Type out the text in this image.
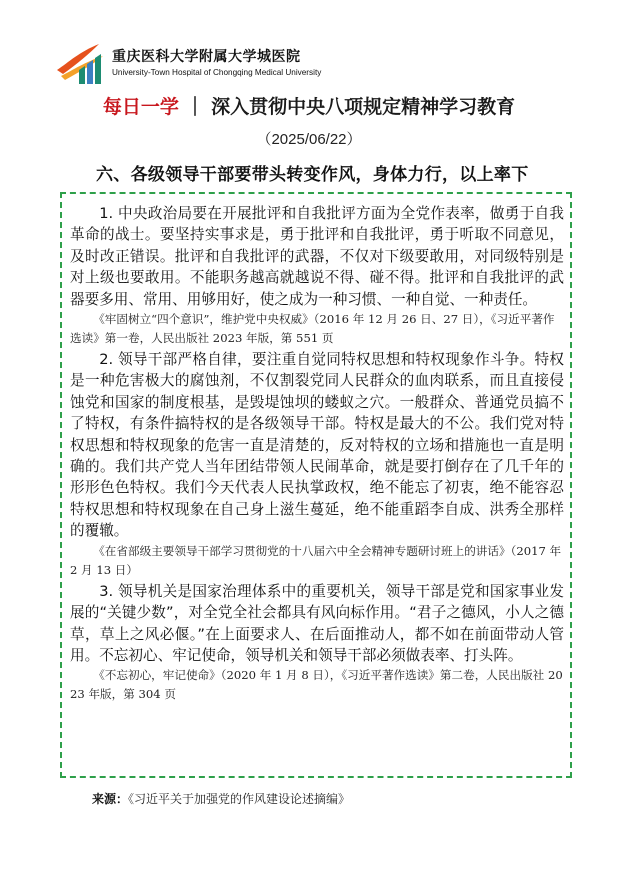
重庆医科大学附属大学城医院
University-Town Hospital of Chongqing Medical University
每日一学 ｜ 深入贯彻中央八项规定精神学习教育
（2025/06/22）
六、各级领导干部要带头转变作风，身体力行，以上率下

1. 中央政治局要在开展批评和自我批评方面为全党作表率，做勇于自我革命的战士。要坚持实事求是，勇于批评和自我批评，勇于听取不同意见，及时改正错误。批评和自我批评的武器，不仅对下级要敢用，对同级特别是对上级也要敢用。不能职务越高就越说不得、碰不得。批评和自我批评的武器要多用、常用、用够用好，使之成为一种习惯、一种自觉、一种责任。

《牢固树立“四个意识”，维护党中央权威》（2016 年 12 月 26 日、27 日），《习近平著作选读》第一卷，人民出版社 2023 年版，第 551 页

2. 领导干部严格自律，要注重自觉同特权思想和特权现象作斗争。特权是一种危害极大的腐蚀剂，不仅割裂党同人民群众的血肉联系，而且直接侵蚀党和国家的制度根基，是毁堤蚀坝的蝼蚁之穴。一般群众、普通党员搞不了特权，有条件搞特权的是各级领导干部。特权是最大的不公。我们党对特权思想和特权现象的危害一直是清楚的，反对特权的立场和措施也一直是明确的。我们共产党人当年团结带领人民闹革命，就是要打倒存在了几千年的形形色色特权。我们今天代表人民执掌政权，绝不能忘了初衷，绝不能容忍特权思想和特权现象在自己身上滋生蔓延，绝不能重蹈李自成、洪秀全那样的覆辙。

《在省部级主要领导干部学习贯彻党的十八届六中全会精神专题研讨班上的讲话》（2017 年 2 月 13 日）

3. 领导机关是国家治理体系中的重要机关，领导干部是党和国家事业发展的“关键少数”，对全党全社会都具有风向标作用。“君子之德风，小人之德草，草上之风必偃。”在上面要求人、在后面推动人，都不如在前面带动人管用。不忘初心、牢记使命，领导机关和领导干部必须做表率、打头阵。

《不忘初心，牢记使命》（2020 年 1 月 8 日），《习近平著作选读》第二卷，人民出版社 2023 年版，第 304 页

来源：《习近平关于加强党的作风建设论述摘编》
